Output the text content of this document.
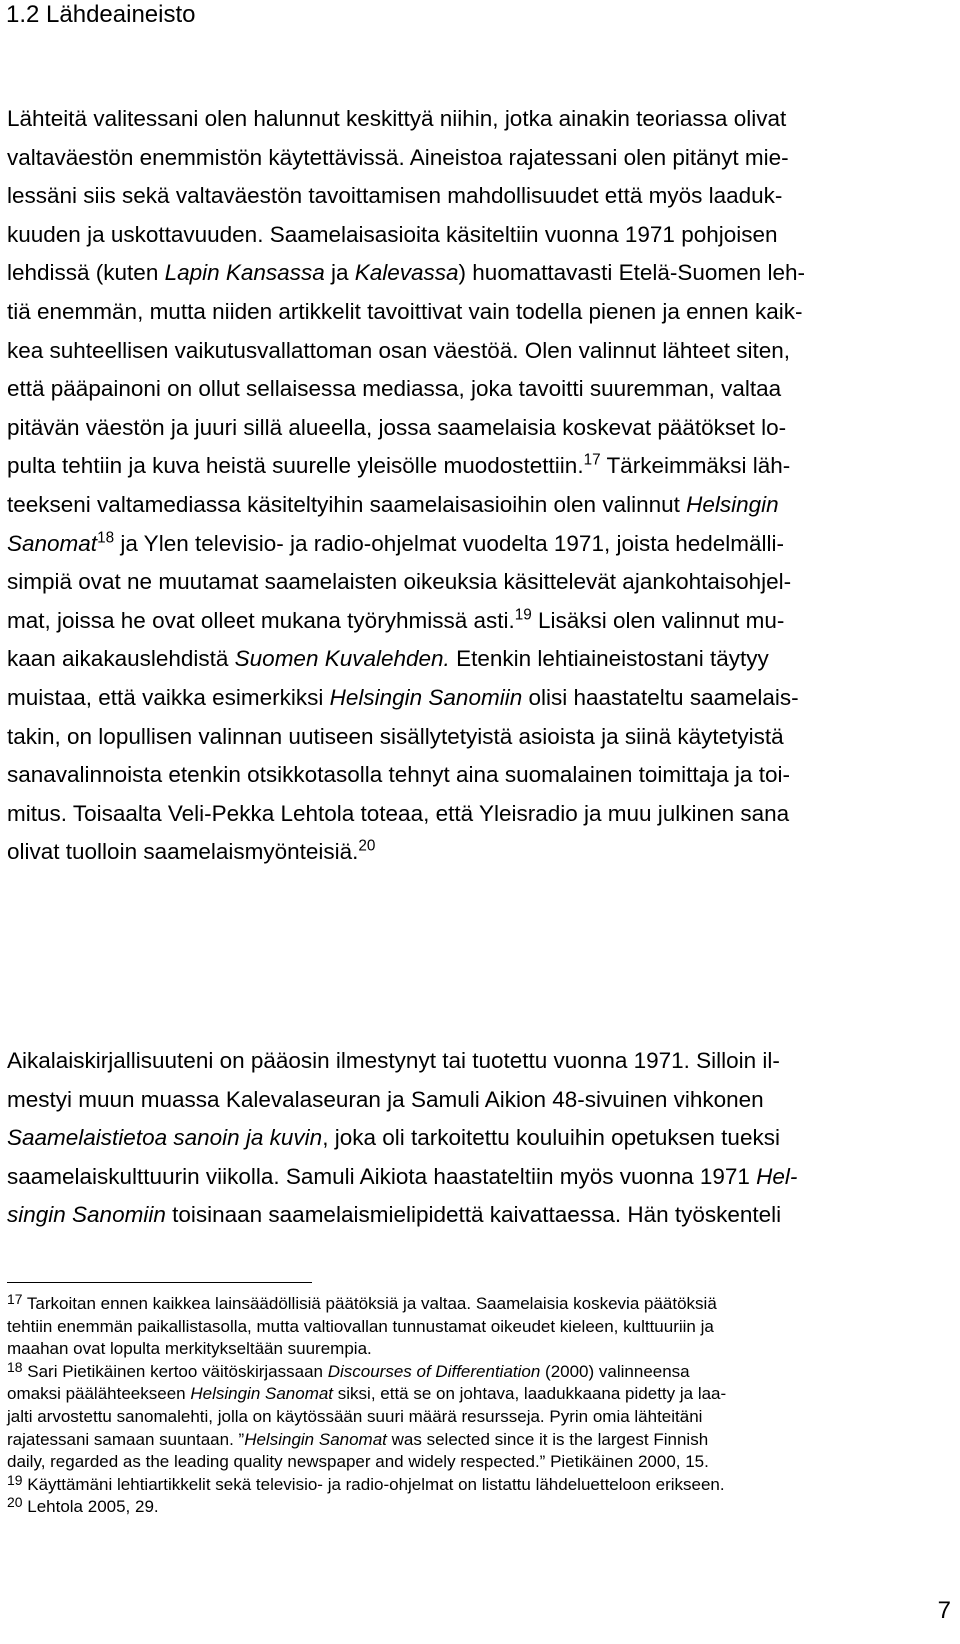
1.2 Lähdeaineisto
Lähteitä valitessani olen halunnut keskittyä niihin, jotka ainakin teoriassa olivat
valtaväestön enemmistön käytettävissä. Aineistoa rajatessani olen pitänyt mie-
lessäni siis sekä valtaväestön tavoittamisen mahdollisuudet että myös laaduk-
kuuden ja uskottavuuden. Saamelaisasioita käsiteltiin vuonna 1971 pohjoisen
lehdissä (kuten Lapin Kansassa ja Kalevassa) huomattavasti Etelä-Suomen leh-
tiä enemmän, mutta niiden artikkelit tavoittivat vain todella pienen ja ennen kaik-
kea suhteellisen vaikutusvallattoman osan väestöä. Olen valinnut lähteet siten,
että pääpainoni on ollut sellaisessa mediassa, joka tavoitti suuremman, valtaa
pitävän väestön ja juuri sillä alueella, jossa saamelaisia koskevat päätökset lo-
pulta tehtiin ja kuva heistä suurelle yleisölle muodostettiin.$^{17}$ Tärkeimmäksi läh-
teekseni valtamediassa käsiteltyihin saamelaisasioihin olen valinnut Helsingin
Sanomat$^{18}$ ja Ylen televisio- ja radio-ohjelmat vuodelta 1971, joista hedelmälli-
simpiä ovat ne muutamat saamelaisten oikeuksia käsittelevät ajankohtaisohjel-
mat, joissa he ovat olleet mukana työryhmissä asti.$^{19}$ Lisäksi olen valinnut mu-
kaan aikakauslehdistä Suomen Kuvalehden. Etenkin lehtiaineistostani täytyy
muistaa, että vaikka esimerkiksi Helsingin Sanomiin olisi haastateltu saamelais-
takin, on lopullisen valinnan uutiseen sisällytetyistä asioista ja siinä käytetyistä
sanavalinnoista etenkin otsikkotasolla tehnyt aina suomalainen toimittaja ja toi-
mitus. Toisaalta Veli-Pekka Lehtola toteaa, että Yleisradio ja muu julkinen sana
olivat tuolloin saamelaismyönteisiä.$^{20}$
Aikalaiskirjallisuuteni on pääosin ilmestynyt tai tuotettu vuonna 1971. Silloin il-
mestyi muun muassa Kalevalaseuran ja Samuli Aikion 48-sivuinen vihkonen
Saamelaistietoa sanoin ja kuvin, joka oli tarkoitettu kouluihin opetuksen tueksi
saamelaiskulttuurin viikolla. Samuli Aikiota haastateltiin myös vuonna 1971 Hel-
singin Sanomiin toisinaan saamelaismielipidettä kaivattaessa. Hän työskenteli
$^{17}$ Tarkoitan ennen kaikkea lainsäädöllisiä päätöksiä ja valtaa. Saamelaisia koskevia päätöksiä
tehtiin enemmän paikallistasolla, mutta valtiovallan tunnustamat oikeudet kieleen, kulttuuriin ja
maahan ovat lopulta merkitykseltään suurempia.
$^{18}$ Sari Pietikäinen kertoo väitöskirjassaan Discourses of Differentiation (2000) valinneensa
omaksi päälähteekseen Helsingin Sanomat siksi, että se on johtava, laadukkaana pidetty ja laa-
jalti arvostettu sanomalehti, jolla on käytössään suuri määrä resursseja. Pyrin omia lähteitäni
rajatessani samaan suuntaan. ”Helsingin Sanomat was selected since it is the largest Finnish
daily, regarded as the leading quality newspaper and widely respected.” Pietikäinen 2000, 15.
$^{19}$ Käyttämäni lehtiartikkelit sekä televisio- ja radio-ohjelmat on listattu lähdeluetteloon erikseen.
$^{20}$ Lehtola 2005, 29.
7
